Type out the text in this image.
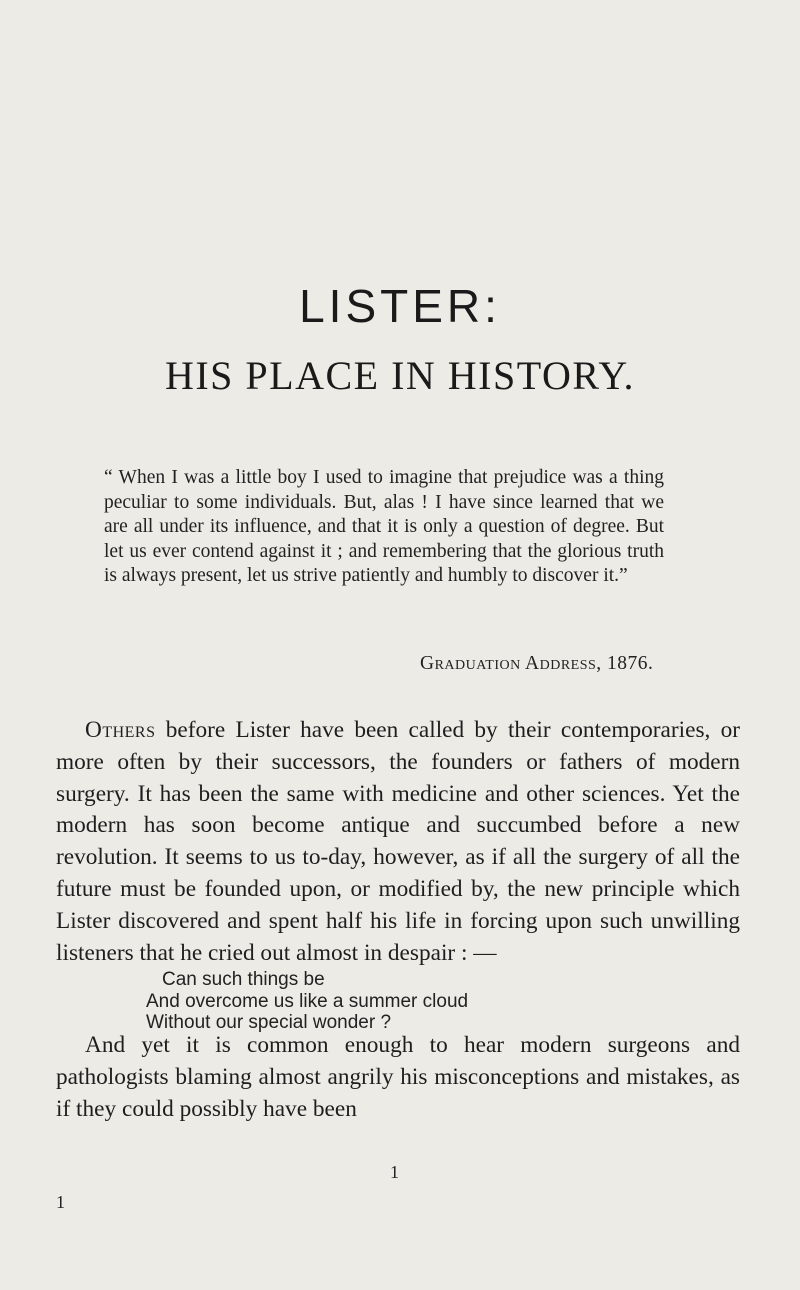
LISTER:
HIS PLACE IN HISTORY.

“ When I was a little boy I used to imagine that prejudice was a thing peculiar to some individuals. But, alas ! I have since learned that we are all under its influence, and that it is only a question of degree. But let us ever contend against it ; and remembering that the glorious truth is always present, let us strive patiently and humbly to discover it.”

Graduation Address, 1876.
Others before Lister have been called by their contemporaries, or more often by their successors, the founders or fathers of modern surgery. It has been the same with medicine and other sciences. Yet the modern has soon become antique and succumbed before a new revolution. It seems to us to-day, however, as if all the surgery of all the future must be founded upon, or modified by, the new principle which Lister discovered and spent half his life in forcing upon such unwilling listeners that he cried out almost in despair : —
Can such things be
And overcome us like a summer cloud
Without our special wonder ?
And yet it is common enough to hear modern surgeons and pathologists blaming almost angrily his misconceptions and mistakes, as if they could possibly have been
1
1
